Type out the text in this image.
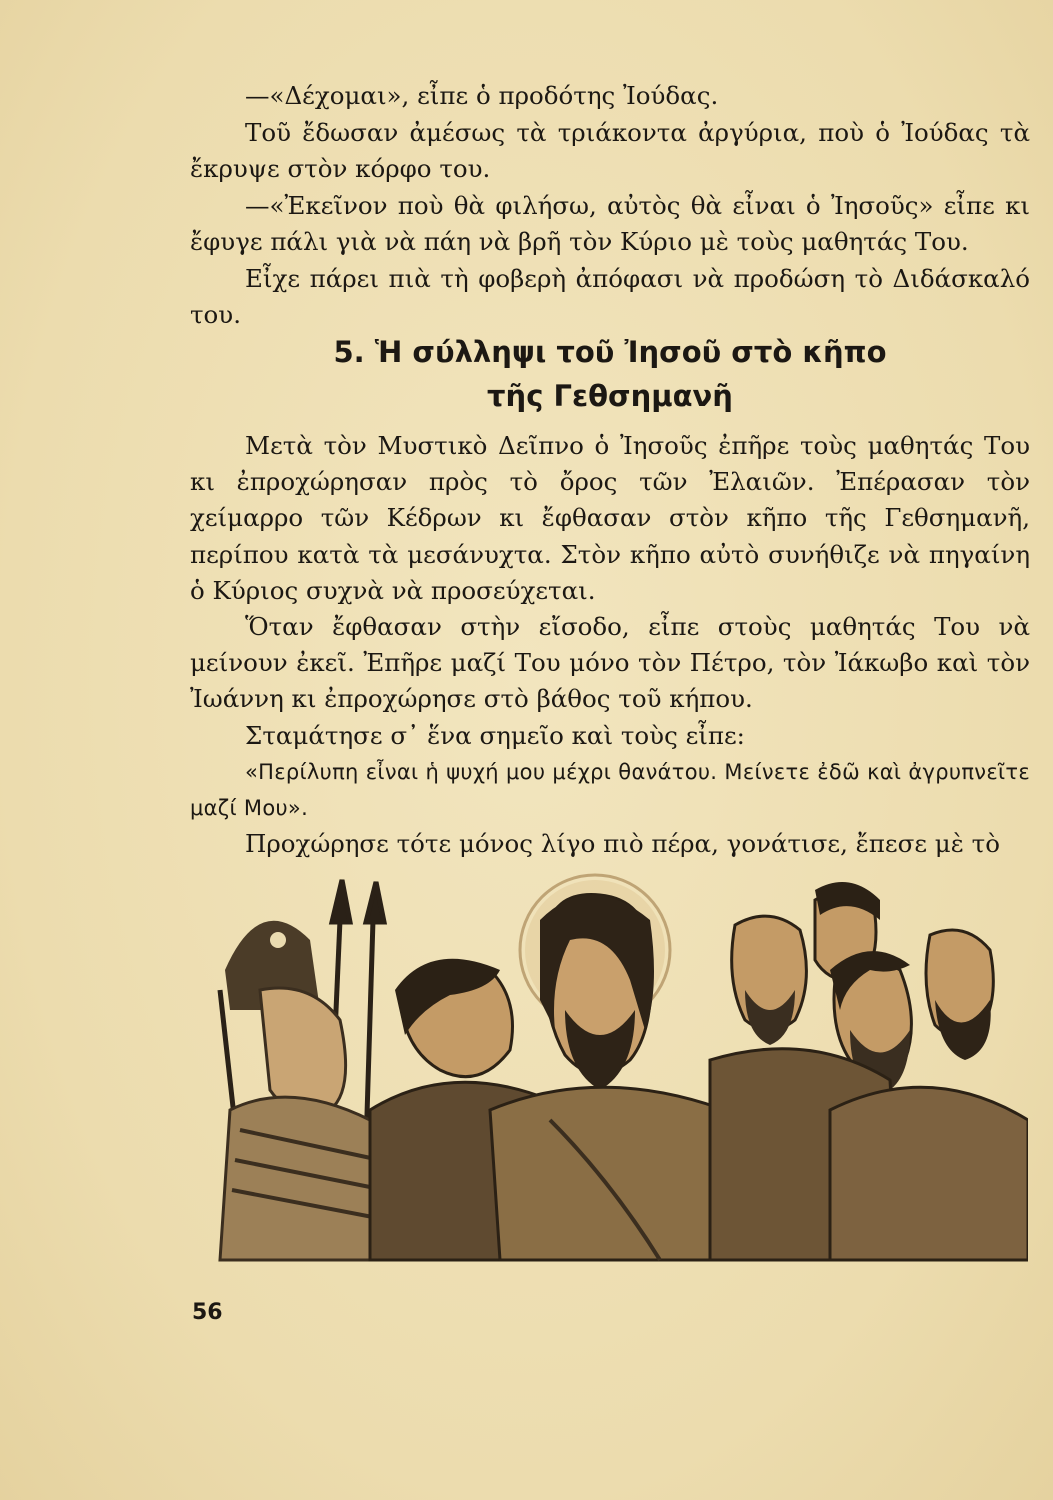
—«Δέχομαι», εἶπε ὁ προδότης Ἰούδας.

Τοῦ ἔδωσαν ἀμέσως τὰ τριάκοντα ἀργύρια, ποὺ ὁ Ἰούδας τὰ ἔκρυψε στὸν κόρφο του.

—«Ἐκεῖνον ποὺ θὰ φιλήσω, αὐτὸς θὰ εἶναι ὁ Ἰησοῦς» εἶπε κι ἔφυγε πάλι γιὰ νὰ πάη νὰ βρῆ τὸν Κύριο μὲ τοὺς μαθητάς Του.

Εἶχε πάρει πιὰ τὴ φοβερὴ ἀπόφασι νὰ προδώση τὸ Διδάσκαλό του.

5. Ἡ σύλληψι τοῦ Ἰησοῦ στὸ κῆπο
τῆς Γεθσημανῆ

Μετὰ τὸν Μυστικὸ Δεῖπνο ὁ Ἰησοῦς ἐπῆρε τοὺς μαθητάς Του κι ἐπροχώρησαν πρὸς τὸ ὄρος τῶν Ἐλαιῶν. Ἐπέρασαν τὸν χείμαρρο τῶν Κέδρων κι ἔφθασαν στὸν κῆπο τῆς Γεθσημανῆ, περίπου κατὰ τὰ μεσάνυχτα. Στὸν κῆπο αὐτὸ συνήθιζε νὰ πηγαίνη ὁ Κύριος συχνὰ νὰ προσεύχεται.

Ὅταν ἔφθασαν στὴν εἴσοδο, εἶπε στοὺς μαθητάς Του νὰ μείνουν ἐκεῖ. Ἐπῆρε μαζί Του μόνο τὸν Πέτρο, τὸν Ἰάκωβο καὶ τὸν Ἰωάννη κι ἐπροχώρησε στὸ βάθος τοῦ κήπου.

Σταμάτησε σ᾽ ἕνα σημεῖο καὶ τοὺς εἶπε:

«Περίλυπη εἶναι ἡ ψυχή μου μέχρι θανάτου. Μείνετε ἐδῶ καὶ ἀγρυπνεῖτε μαζί Μου».

Προχώρησε τότε μόνος λίγο πιὸ πέρα, γονάτισε, ἔπεσε μὲ τὸ

56
